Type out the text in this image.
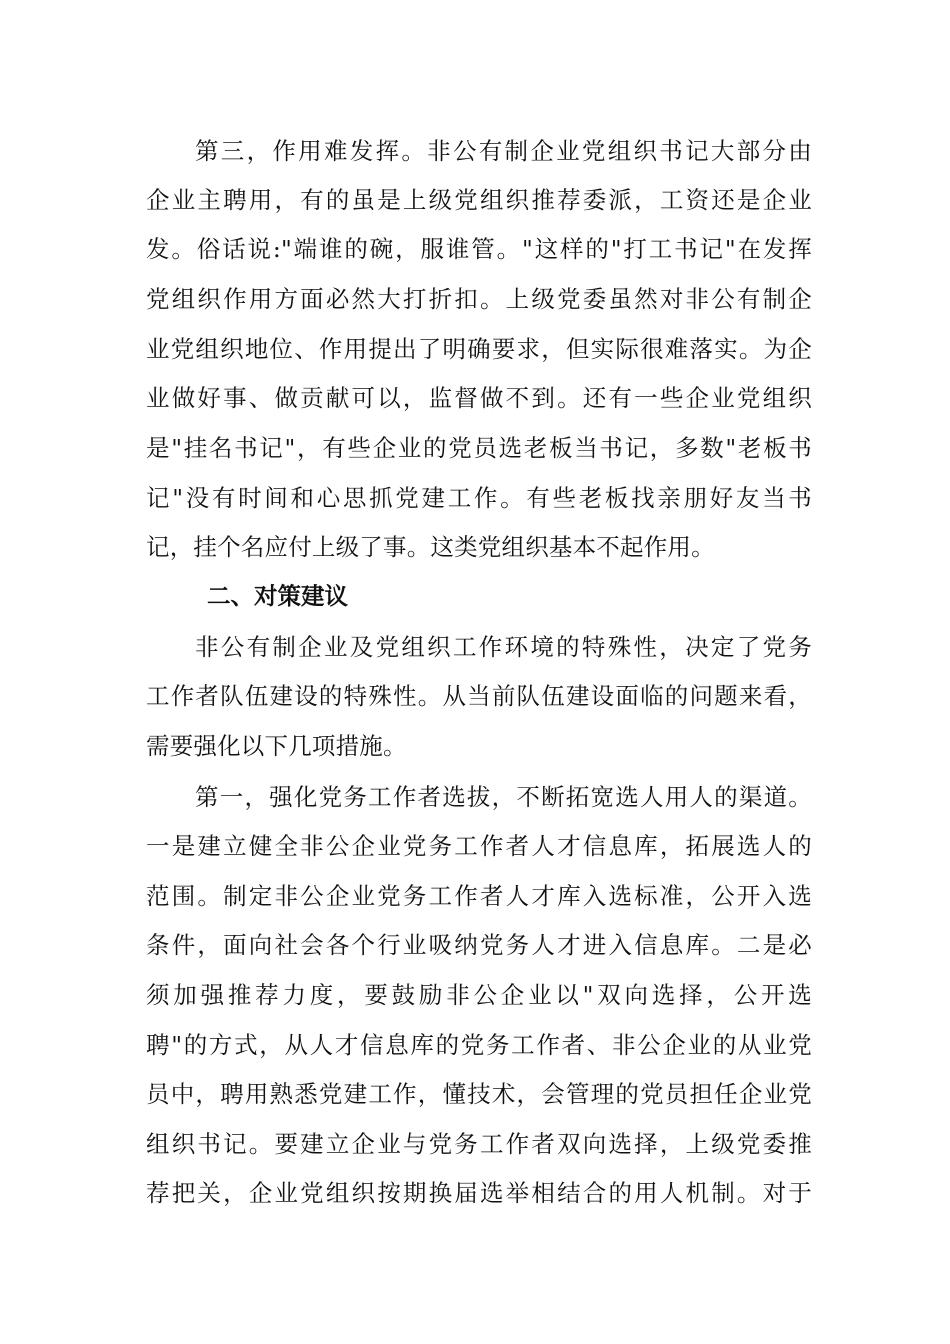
第三，作用难发挥。非公有制企业党组织书记大部分由
企业主聘用，有的虽是上级党组织推荐委派，工资还是企业
发。俗话说:"端谁的碗，服谁管。"这样的"打工书记"在发挥
党组织作用方面必然大打折扣。上级党委虽然对非公有制企
业党组织地位、作用提出了明确要求，但实际很难落实。为企
业做好事、做贡献可以，监督做不到。还有一些企业党组织
是"挂名书记"，有些企业的党员选老板当书记，多数"老板书
记"没有时间和心思抓党建工作。有些老板找亲朋好友当书
记，挂个名应付上级了事。这类党组织基本不起作用。
二、对策建议
非公有制企业及党组织工作环境的特殊性，决定了党务
工作者队伍建设的特殊性。从当前队伍建设面临的问题来看，
需要强化以下几项措施。
第一，强化党务工作者选拔，不断拓宽选人用人的渠道。
一是建立健全非公企业党务工作者人才信息库，拓展选人的
范围。制定非公企业党务工作者人才库入选标准，公开入选
条件，面向社会各个行业吸纳党务人才进入信息库。二是必
须加强推荐力度，要鼓励非公企业以"双向选择，公开选
聘"的方式，从人才信息库的党务工作者、非公企业的从业党
员中，聘用熟悉党建工作，懂技术，会管理的党员担任企业党
组织书记。要建立企业与党务工作者双向选择，上级党委推
荐把关，企业党组织按期换届选举相结合的用人机制。对于
